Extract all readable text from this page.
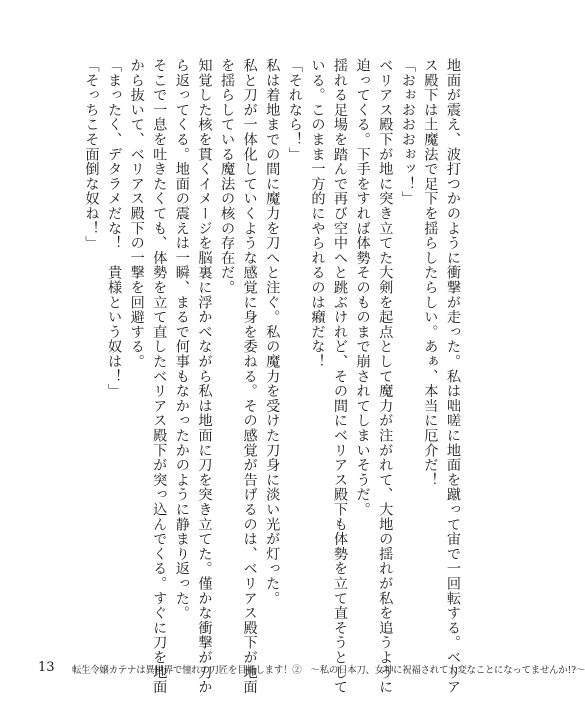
地面が震え、波打つかのように衝撃が走った。私は咄嗟に地面を蹴って宙で一回転する。ベリア
ス殿下は土魔法で足下を揺らしたらしい。あぁ、本当に厄介だ！
「おぉおおおぉッ！」
ベリアス殿下が地に突き立てた大剣を起点として魔力が注がれて、大地の揺れが私を追うように
迫ってくる。下手をすれば体勢そのものまで崩されてしまいそうだ。
揺れる足場を踏んで再び空中へと跳ぶけれど、その間にベリアス殿下も体勢を立て直そうとして
いる。このまま一方的にやられるのは癪だな！
「それなら！」
私は着地までの間に魔力を刀へと注ぐ。私の魔力を受けた刀身に淡い光が灯った。
私と刀が一体化していくような感覚に身を委ねる。その感覚が告げるのは、ベリアス殿下が地面
を揺らしている魔法の核の存在だ。
知覚した核を貫くイメージを脳裏に浮かべながら私は地面に刀を突き立てた。僅かな衝撃が刀か
ら返ってくる。地面の震えは一瞬、まるで何事もなかったかのように静まり返った。
そこで一息を吐きたくても、体勢を立て直したベリアス殿下が突っ込んでくる。すぐに刀を地面
から抜いて、ベリアス殿下の一撃を回避する。
「まったく、デタラメだな！　貴様という奴は！」
「そっちこそ面倒な奴ね！」
13 転生令嬢カテナは異世界で憧れの刀匠を目指します！②　～私の日本刀、女神に祝福されて大変なことになってませんか!?～
